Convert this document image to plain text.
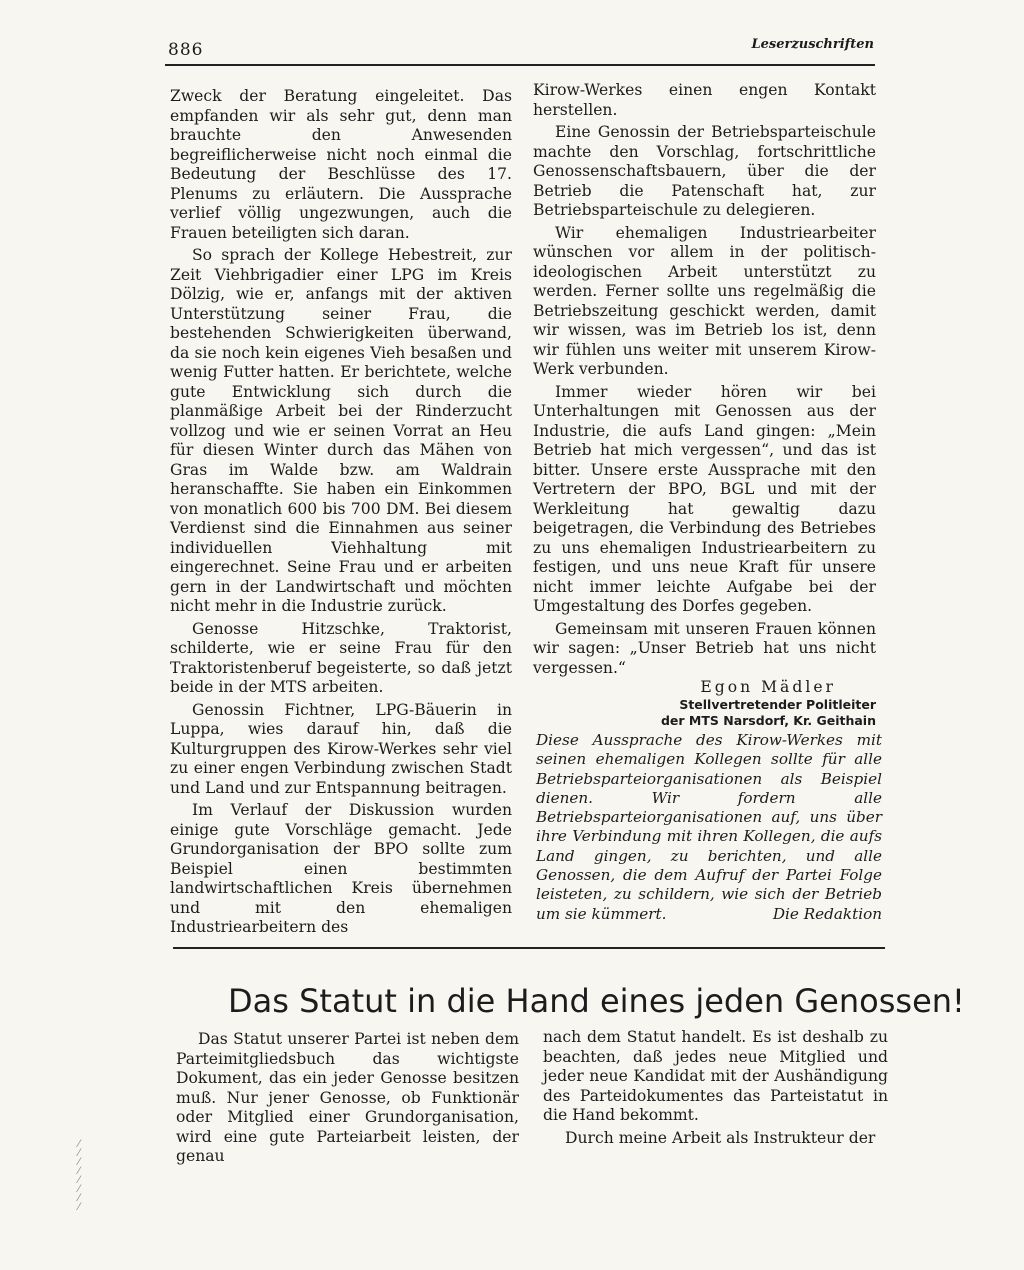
886	Leserzuschriften

Zweck der Beratung eingeleitet. Das empfanden wir als sehr gut, denn man brauchte den Anwesenden begreiflicherweise nicht noch einmal die Bedeutung der Beschlüsse des 17. Plenums zu erläutern. Die Aussprache verlief völlig ungezwungen, auch die Frauen beteiligten sich daran.

So sprach der Kollege Hebestreit, zur Zeit Viehbrigadier einer LPG im Kreis Dölzig, wie er, anfangs mit der aktiven Unterstützung seiner Frau, die bestehenden Schwierigkeiten überwand, da sie noch kein eigenes Vieh besaßen und wenig Futter hatten. Er berichtete, welche gute Entwicklung sich durch die planmäßige Arbeit bei der Rinderzucht vollzog und wie er seinen Vorrat an Heu für diesen Winter durch das Mähen von Gras im Walde bzw. am Waldrain heranschaffte. Sie haben ein Einkommen von monatlich 600 bis 700 DM. Bei diesem Verdienst sind die Einnahmen aus seiner individuellen Viehhaltung mit eingerechnet. Seine Frau und er arbeiten gern in der Landwirtschaft und möchten nicht mehr in die Industrie zurück.

Genosse Hitzschke, Traktorist, schilderte, wie er seine Frau für den Traktoristenberuf begeisterte, so daß jetzt beide in der MTS arbeiten.

Genossin Fichtner, LPG-Bäuerin in Luppa, wies darauf hin, daß die Kulturgruppen des Kirow-Werkes sehr viel zu einer engen Verbindung zwischen Stadt und Land und zur Entspannung beitragen.

Im Verlauf der Diskussion wurden einige gute Vorschläge gemacht. Jede Grundorganisation der BPO sollte zum Beispiel einen bestimmten landwirtschaftlichen Kreis übernehmen und mit den ehemaligen Industriearbeitern des

Kirow-Werkes einen engen Kontakt herstellen.

Eine Genossin der Betriebsparteischule machte den Vorschlag, fortschrittliche Genossenschaftsbauern, über die der Betrieb die Patenschaft hat, zur Betriebsparteischule zu delegieren.

Wir ehemaligen Industriearbeiter wünschen vor allem in der politisch-ideologischen Arbeit unterstützt zu werden. Ferner sollte uns regelmäßig die Betriebszeitung geschickt werden, damit wir wissen, was im Betrieb los ist, denn wir fühlen uns weiter mit unserem Kirow-Werk verbunden.

Immer wieder hören wir bei Unterhaltungen mit Genossen aus der Industrie, die aufs Land gingen: „Mein Betrieb hat mich vergessen“, und das ist bitter. Unsere erste Aussprache mit den Vertretern der BPO, BGL und mit der Werkleitung hat gewaltig dazu beigetragen, die Verbindung des Betriebes zu uns ehemaligen Industriearbeitern zu festigen, und uns neue Kraft für unsere nicht immer leichte Aufgabe bei der Umgestaltung des Dorfes gegeben.

Gemeinsam mit unseren Frauen können wir sagen: „Unser Betrieb hat uns nicht vergessen.“

Egon Mädler
Stellvertretender Politleiter
der MTS Narsdorf, Kr. Geithain
Diese Aussprache des Kirow-Werkes mit seinen ehemaligen Kollegen sollte für alle Betriebsparteiorganisationen als Beispiel dienen. Wir fordern alle Betriebsparteiorganisationen auf, uns über ihre Verbindung mit ihren Kollegen, die aufs Land gingen, zu berichten, und alle Genossen, die dem Aufruf der Partei Folge leisteten, zu schildern, wie sich der Betrieb um sie kümmert.	Die Redaktion
Das Statut in die Hand eines jeden Genossen!

Das Statut unserer Partei ist neben dem Parteimitgliedsbuch das wichtigste Dokument, das ein jeder Genosse besitzen muß. Nur jener Genosse, ob Funktionär oder Mitglied einer Grundorganisation, wird eine gute Parteiarbeit leisten, der genau

nach dem Statut handelt. Es ist deshalb zu beachten, daß jedes neue Mitglied und jeder neue Kandidat mit der Aushändigung des Parteidokumentes das Parteistatut in die Hand bekommt.

Durch meine Arbeit als Instrukteur der

⁄
⁄
⁄
⁄
⁄
⁄
⁄
⁄
